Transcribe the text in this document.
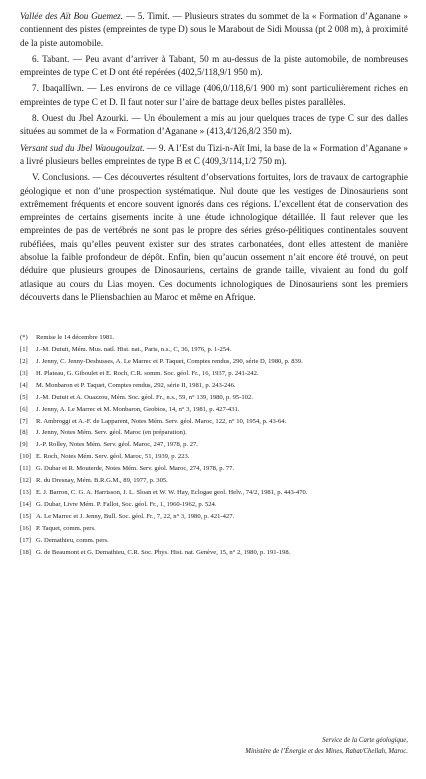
Vallée des Aït Bou Guemez. — 5. Timit. — Plusieurs strates du sommet de la « Formation d’Aganane » contiennent des pistes (empreintes de type D) sous le Marabout de Sidi Moussa (pt 2 008 m), à proximité de la piste automobile.

6. Tabant. — Peu avant d’arriver à Tabant, 50 m au-dessus de la piste automobile, de nombreuses empreintes de type C et D ont été repérées (402,5/118,9/1 950 m).

7. Ibaqallîwn. — Les environs de ce village (406,0/118,6/1 900 m) sont particulièrement riches en empreintes de type C et D. Il faut noter sur l’aire de battage deux belles pistes parallèles.

8. Ouest du Jbel Azourki. — Un éboulement a mis au jour quelques traces de type C sur des dalles situées au sommet de la « Formation d’Aganane » (413,4/126,8/2 350 m).

Versant sud du Jbel Waougoulzat. — 9. A l’Est du Tizi-n-Aït Imi, la base de la « Formation d’Aganane » a livré plusieurs belles empreintes de type B et C (409,3/114,1/2 750 m).

V. Conclusions. — Ces découvertes résultent d’observations fortuites, lors de travaux de cartographie géologique et non d’une prospection systématique. Nul doute que les vestiges de Dinosauriens sont extrêmement fréquents et encore souvent ignorés dans ces régions. L’excellent état de conservation des empreintes de certains gisements incite à une étude ichnologique détaillée. Il faut relever que les empreintes de pas de vertébrés ne sont pas le propre des séries gréso-pélitiques continentales souvent rubéfiées, mais qu’elles peuvent exister sur des strates carbonatées, dont elles attestent de manière absolue la faible profondeur de dépôt. Enfin, bien qu’aucun ossement n’ait encore été trouvé, on peut déduire que plusieurs groupes de Dinosauriens, certains de grande taille, vivaient au fond du golf atlasique au cours du Lias moyen. Ces documents ichnologiques de Dinosauriens sont les premiers découverts dans le Pliensbachien au Maroc et même en Afrique.

(*) Remise le 14 décembre 1981.

[1] J.-M. Dutuit, Mém. Mus. natl. Hist. nat., Paris, n.s., C, 36, 1976, p. 1-254.

[2] J. Jenny, C. Jenny-Deshusses, A. Le Marrec et P. Taquet, Comptes rendus, 290, série D, 1980, p. 839.

[3] H. Plateau, G. Giboulet et E. Roch, C.R. somm. Soc. géol. Fr., 16, 1937, p. 241-242.

[4] M. Monbaron et P. Taquet, Comptes rendus, 292, série II, 1981, p. 243-246.

[5] J.-M. Dutuit et A. Ouazzou, Mém. Soc. géol. Fr., n.s., 59, n° 139, 1980, p. 95-102.

[6] J. Jenny, A. Le Marrec et M. Monbaron, Geobios, 14, n° 3, 1981, p. 427-431.

[7] R. Ambroggi et A.-F. de Lapparent, Notes Mém. Serv. géol. Maroc, 122, n° 10, 1954, p. 43-64.

[8] J. Jenny, Notes Mém. Serv. géol. Maroc (en préparation).

[9] J.-P. Rolley, Notes Mém. Serv. géol. Maroc, 247, 1978, p. 27.

[10] E. Roch, Notes Mém. Serv. géol. Maroc, 51, 1939, p. 223.

[11] G. Dubar et R. Mouterde, Notes Mém. Serv. géol. Maroc, 274, 1978, p. 77.

[12] R. du Dresnay, Mém. B.R.G.M., 89, 1977, p. 305.

[13] E. J. Barron, C. G. A. Harrisson, J. L. Sloan et W. W. Hay, Eclogae geol. Helv., 74/2, 1981, p. 443-470.

[14] G. Dubar, Livre Mém. P. Fallot, Soc. géol. Fr., 1, 1960-1962, p. 524.

[15] A. Le Marrec et J. Jenny, Bull. Soc. géol. Fr., 7, 22, n° 3, 1980, p. 421-427.

[16] P. Taquet, comm. pers.

[17] G. Demathieu, comm. pers.

[18] G. de Beaumont et G. Demathieu, C.R. Soc. Phys. Hist. nat. Genève, 15, n° 2, 1980, p. 191-198.

Service de la Carte géologique,
Ministère de l’Énergie et des Mines, Rabat/Chellah, Maroc.
